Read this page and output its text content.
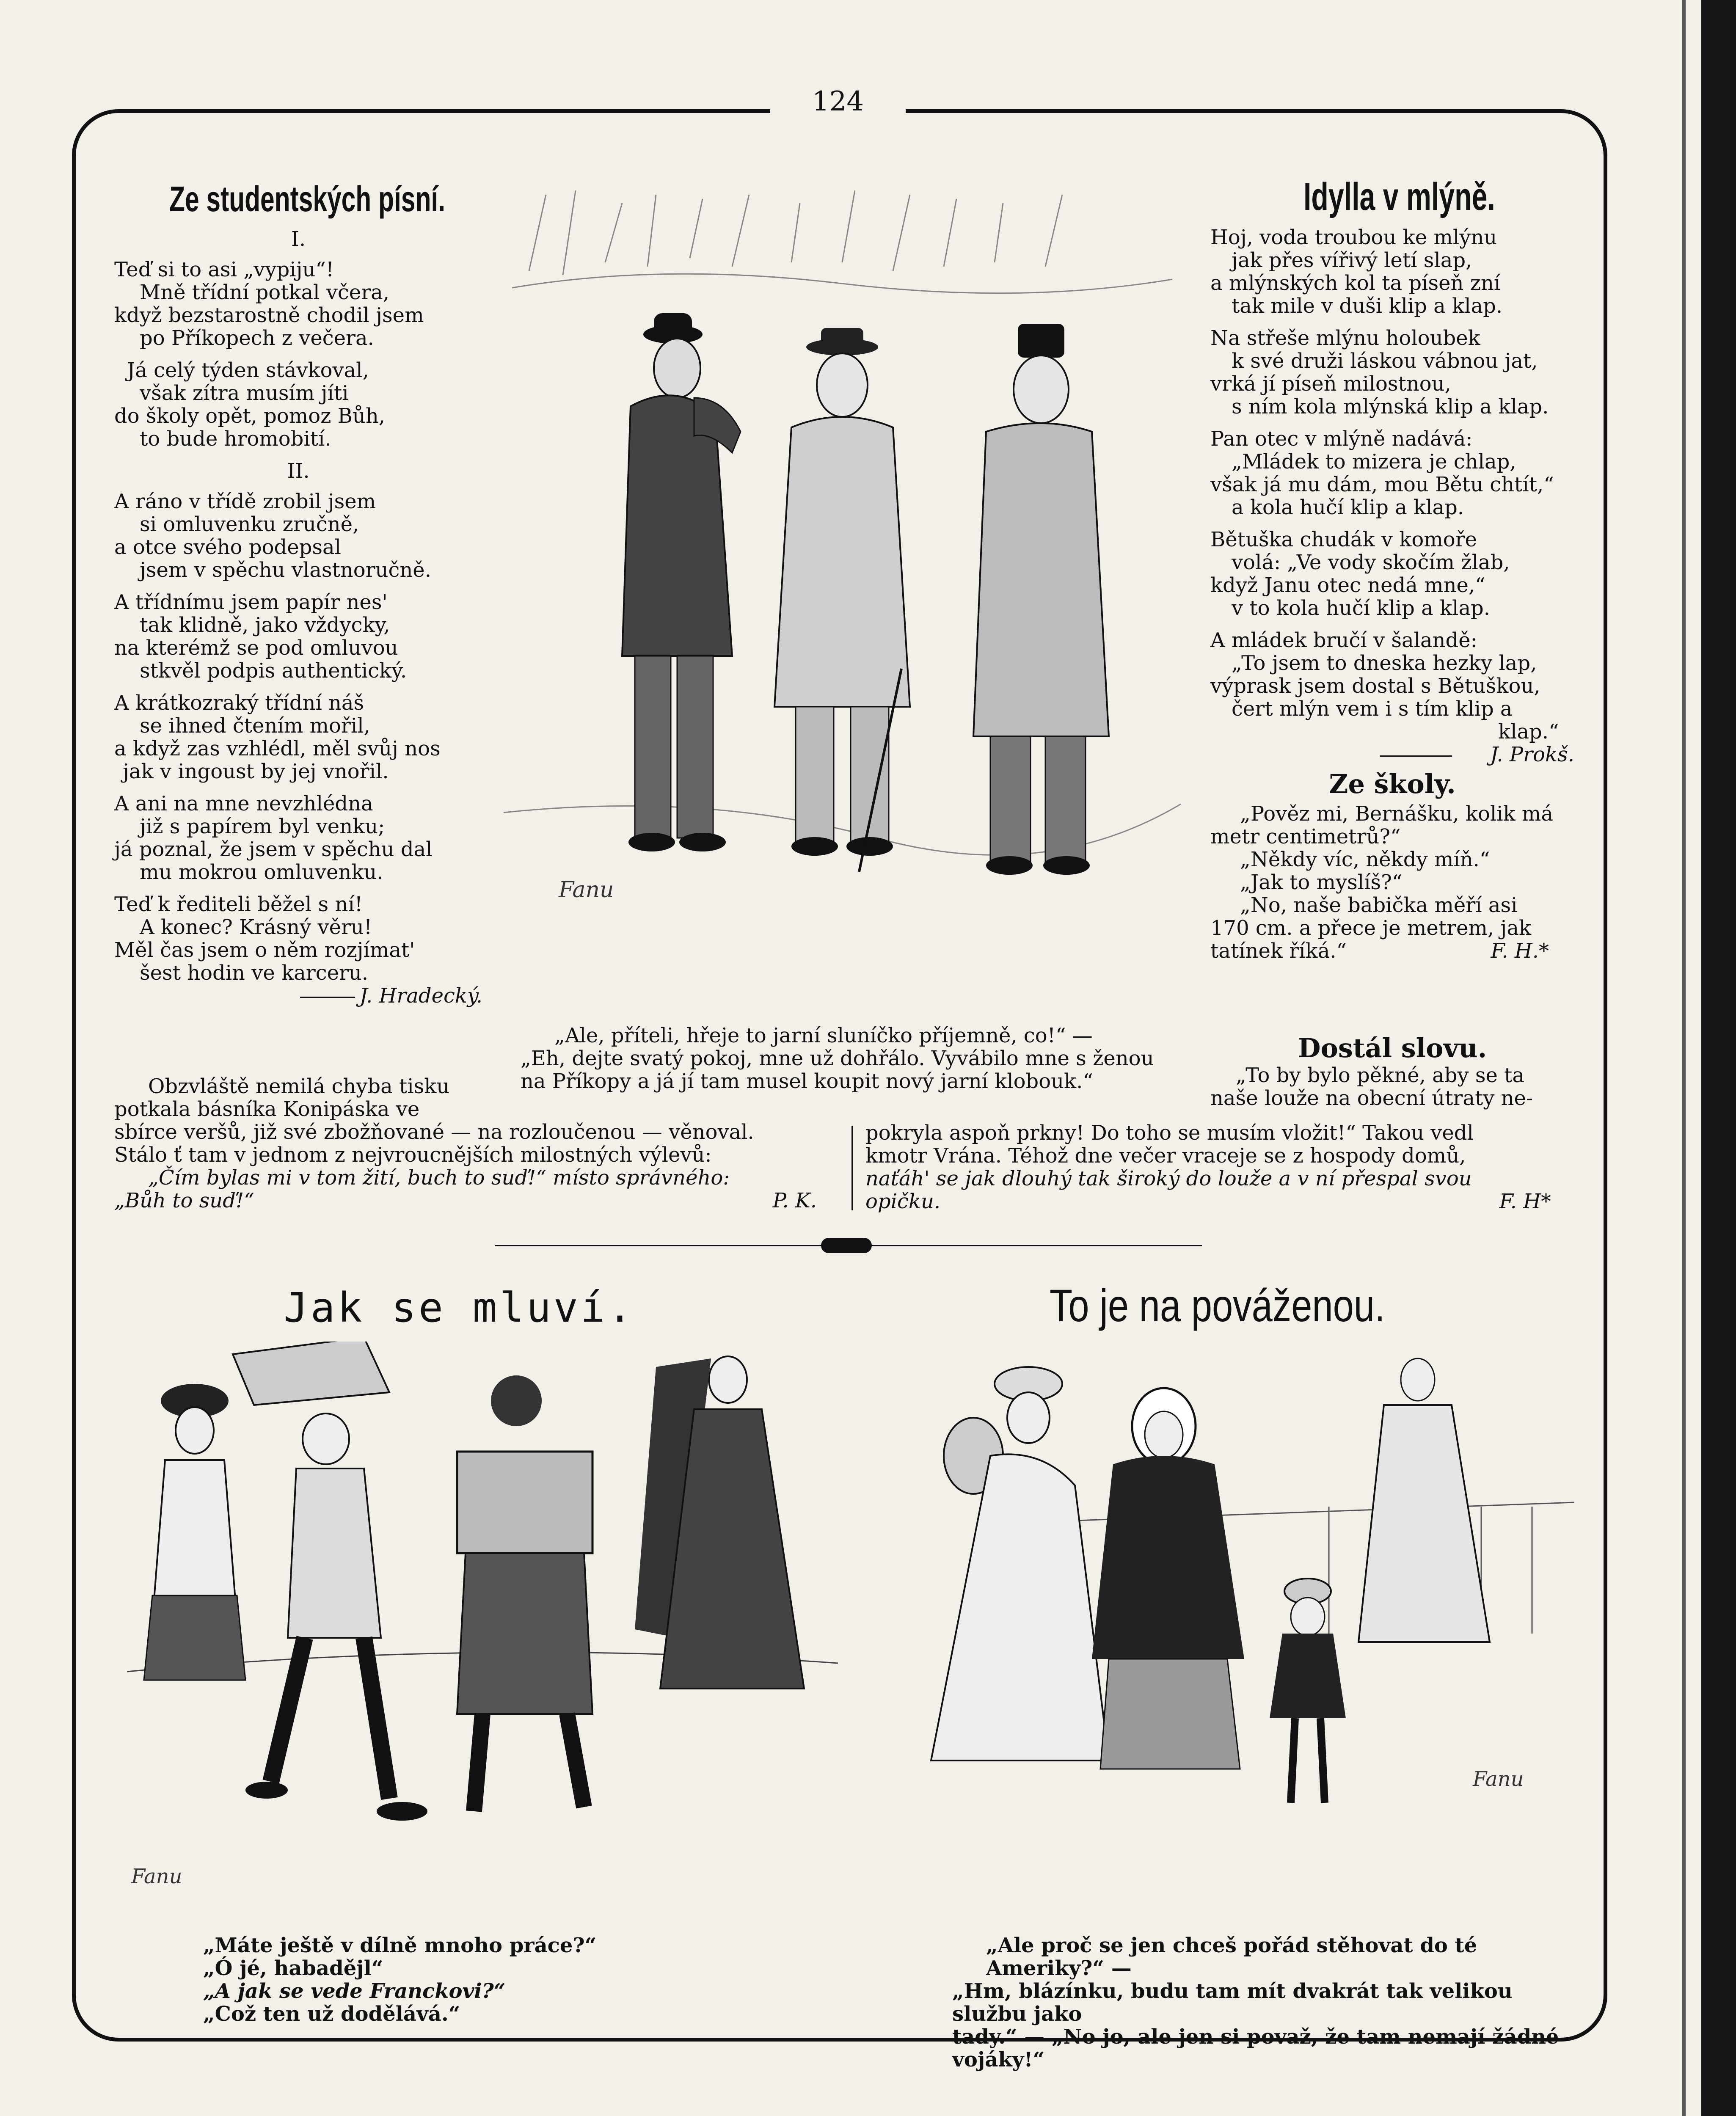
124
Ze studentských písní.
I.

Teď si to asi „vypiju“!
Mně třídní potkal včera,
když bezstarostně chodil jsem
po Příkopech z večera.

Já celý týden stávkoval,
však zítra musím jíti
do školy opět, pomoz Bůh,
to bude hromobití.

II.

A ráno v třídě zrobil jsem
si omluvenku zručně,
a otce svého podepsal
jsem v spěchu vlastnoručně.

A třídnímu jsem papír nes'
tak klidně, jako vždycky,
na kterémž se pod omluvou
stkvěl podpis authentický.

A krátkozraký třídní náš
se ihned čtením mořil,
a když zas vzhlédl, měl svůj nos
jak v ingoust by jej vnořil.

A ani na mne nevzhlédna
již s papírem byl venku;
já poznal, že jsem v spěchu dal
mu mokrou omluvenku.

Teď k řediteli běžel s ní!
A konec? Krásný věru!
Měl čas jsem o něm rozjímat'
šest hodin ve karceru.

J. Hradecký.
Obzvláště nemilá chyba tisku
potkala básníka Konipáska ve
sbírce veršů, již své zbožňované — na rozloučenou — věnoval.
Stálo ť tam v jednom z nejvroucnějších milostných výlevů:
„Čím bylas mi v tom žití, buch to suď!“ místo správného:
„Bůh to suď!“	P. K.
Fanu
„Ale, příteli, hřeje to jarní sluníčko příjemně, co!“ —
„Eh, dejte svatý pokoj, mne už dohřálo. Vyvábilo mne s ženou
na Příkopy a já jí tam musel koupit nový jarní klobouk.“
Idylla v mlýně.

Hoj, voda troubou ke mlýnu
jak přes vířivý letí slap,
a mlýnských kol ta píseň zní
tak mile v duši klip a klap.

Na střeše mlýnu holoubek
k své druži láskou vábnou jat,
vrká jí píseň milostnou,
s ním kola mlýnská klip a klap.

Pan otec v mlýně nadává:
„Mládek to mizera je chlap,
však já mu dám, mou Bětu chtít,“
a kola hučí klip a klap.

Bětuška chudák v komoře
volá: „Ve vody skočím žlab,
když Janu otec nedá mne,“
v to kola hučí klip a klap.

A mládek bručí v šalandě:
„To jsem to dneska hezky lap,
výprask jsem dostal s Bětuškou,
čert mlýn vem i s tím klip a
klap.“

J. Prokš.
Ze školy.
„Pověz mi, Bernášku, kolik má
metr centimetrů?“
„Někdy víc, někdy míň.“
„Jak to myslíš?“
„No, naše babička měří asi
170 cm. a přece je metrem, jak
tatínek říká.“	F. H.*
Dostál slovu.
„To by bylo pěkné, aby se ta
naše louže na obecní útraty ne-
pokryla aspoň prkny! Do toho se musím vložit!“ Takou vedl
kmotr Vrána. Téhož dne večer vraceje se z hospody domů,
naťáh' se jak dlouhý tak široký do louže a v ní přespal svou
opičku.	F. H*
Jak se mluví.
Fanu
„Máte ještě v dílně mnoho práce?“
„Ó jé, habadějl“
„A jak se vede Franckovi?“
„Což ten už dodělává.“
To je na pováženou.
Fanu
„Ale proč se jen chceš pořád stěhovat do té Ameriky?“ —
„Hm, blázínku, budu tam mít dvakrát tak velikou službu jako
tady.“ — „No jo, ale jen si považ, že tam nemají žádné
vojáky!“
